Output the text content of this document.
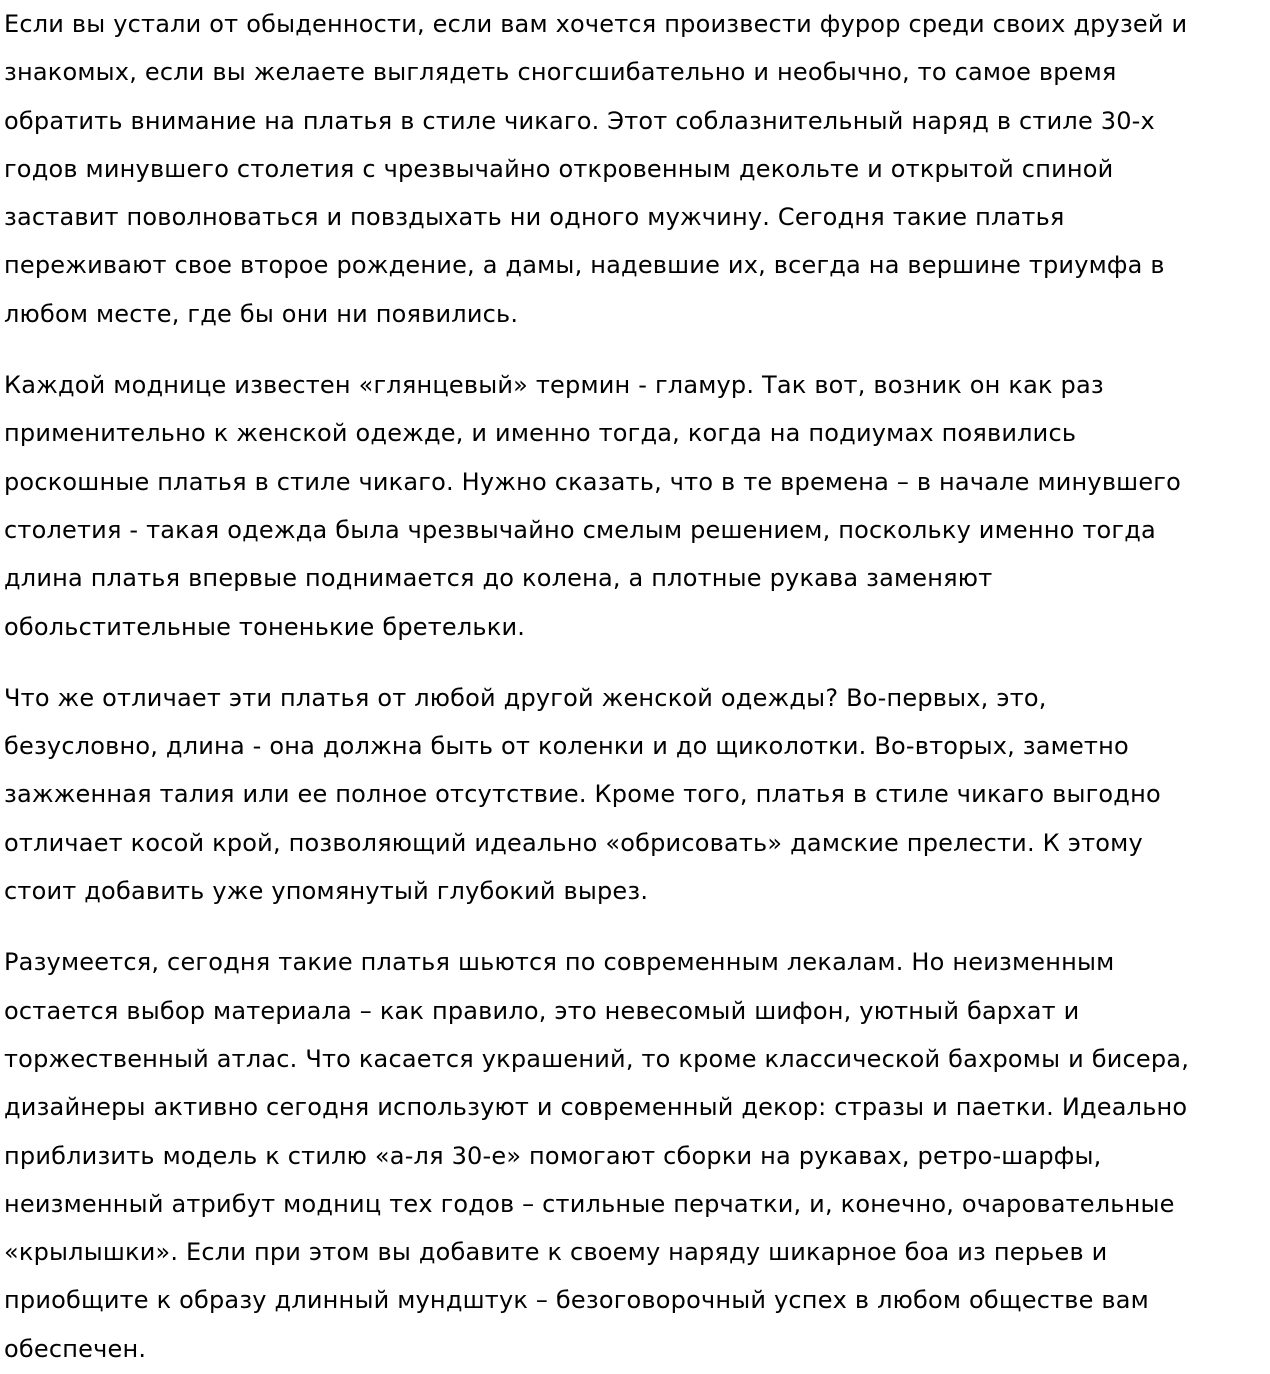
Если вы устали от обыденности, если вам хочется произвести фурор среди своих друзей и
знакомых, если вы желаете выглядеть сногсшибательно и необычно, то самое время
обратить внимание на платья в стиле чикаго. Этот соблазнительный наряд в стиле 30-х
годов минувшего столетия с чрезвычайно откровенным декольте и открытой спиной
заставит поволноваться и повздыхать ни одного мужчину. Сегодня такие платья
переживают свое второе рождение, а дамы, надевшие их, всегда на вершине триумфа в
любом месте, где бы они ни появились.
Каждой моднице известен «глянцевый» термин - гламур. Так вот, возник он как раз
применительно к женской одежде, и именно тогда, когда на подиумах появились
роскошные платья в стиле чикаго. Нужно сказать, что в те времена – в начале минувшего
столетия - такая одежда была чрезвычайно смелым решением, поскольку именно тогда
длина платья впервые поднимается до колена, а плотные рукава заменяют
обольстительные тоненькие бретельки.
Что же отличает эти платья от любой другой женской одежды? Во-первых, это,
безусловно, длина - она должна быть от коленки и до щиколотки. Во-вторых, заметно
зажженная талия или ее полное отсутствие. Кроме того, платья в стиле чикаго выгодно
отличает косой крой, позволяющий идеально «обрисовать» дамские прелести. К этому
стоит добавить уже упомянутый глубокий вырез.
Разумеется, сегодня такие платья шьются по современным лекалам. Но неизменным
остается выбор материала – как правило, это невесомый шифон, уютный бархат и
торжественный атлас. Что касается украшений, то кроме классической бахромы и бисера,
дизайнеры активно сегодня используют и современный декор: стразы и паетки. Идеально
приблизить модель к стилю «а-ля 30-е» помогают сборки на рукавах, ретро-шарфы,
неизменный атрибут модниц тех годов – стильные перчатки, и, конечно, очаровательные
«крылышки». Если при этом вы добавите к своему наряду шикарное боа из перьев и
приобщите к образу длинный мундштук – безоговорочный успех в любом обществе вам
обеспечен.
